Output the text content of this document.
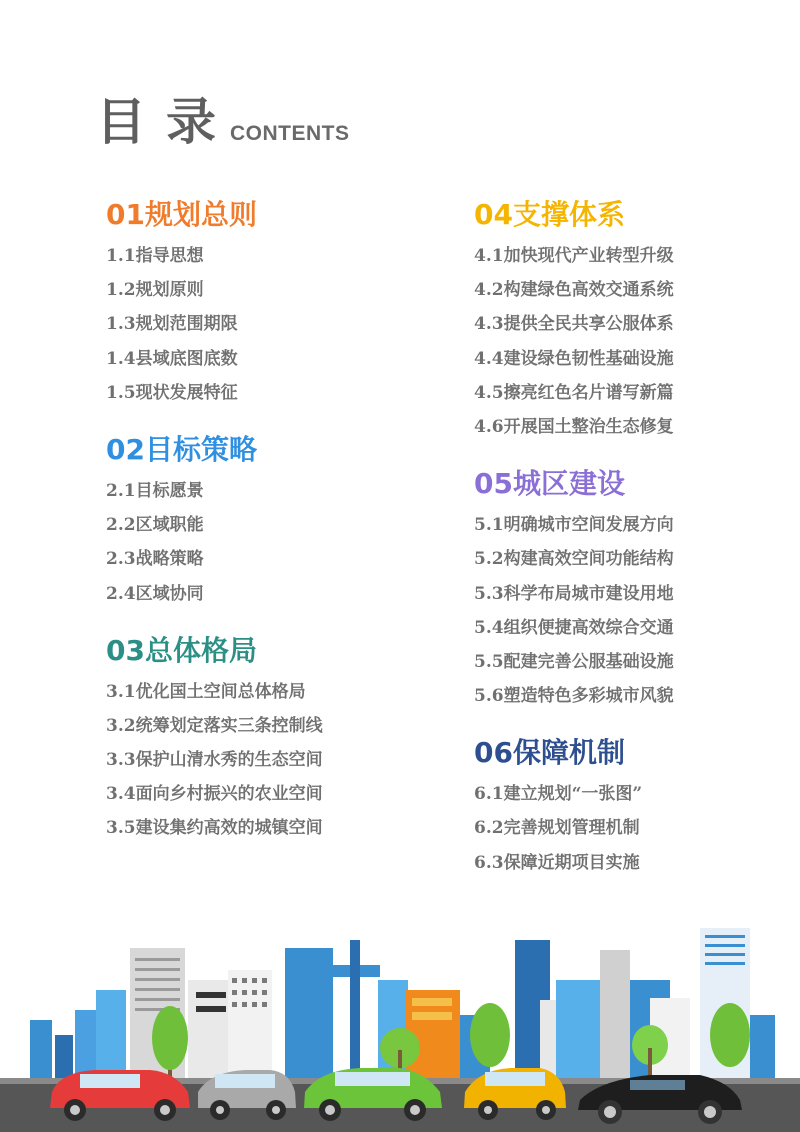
目录
CONTENTS
01规划总则
1.1指导思想
1.2规划原则
1.3规划范围期限
1.4县域底图底数
1.5现状发展特征
02目标策略
2.1目标愿景
2.2区域职能
2.3战略策略
2.4区域协同
03总体格局
3.1优化国土空间总体格局
3.2统筹划定落实三条控制线
3.3保护山清水秀的生态空间
3.4面向乡村振兴的农业空间
3.5建设集约高效的城镇空间
04支撑体系
4.1加快现代产业转型升级
4.2构建绿色高效交通系统
4.3提供全民共享公服体系
4.4建设绿色韧性基础设施
4.5擦亮红色名片谱写新篇
4.6开展国土整治生态修复
05城区建设
5.1明确城市空间发展方向
5.2构建高效空间功能结构
5.3科学布局城市建设用地
5.4组织便捷高效综合交通
5.5配建完善公服基础设施
5.6塑造特色多彩城市风貌
06保障机制
6.1建立规划“一张图”
6.2完善规划管理机制
6.3保障近期项目实施
